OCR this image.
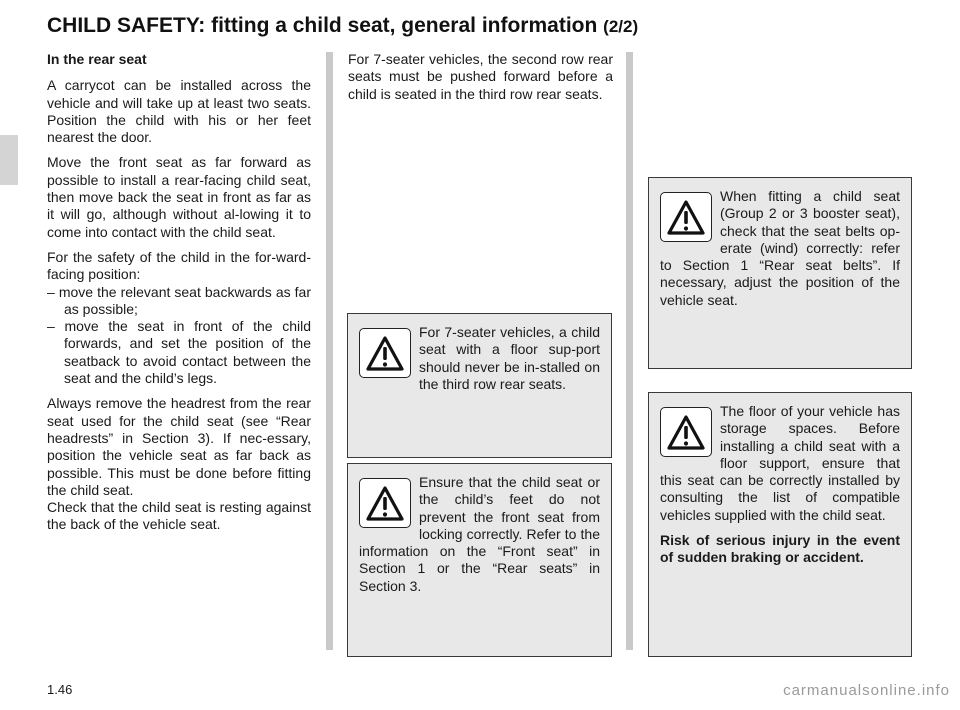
CHILD SAFETY: fitting a child seat, general information (2/2)

In the rear seat

A carrycot can be installed across the vehicle and will take up at least two seats. Position the child with his or her feet nearest the door.

Move the front seat as far forward as possible to install a rear-facing child seat, then move back the seat in front as far as it will go, although without al-lowing it to come into contact with the child seat.

For the safety of the child in the for-ward-facing position:

– move the relevant seat backwards as far as possible;
– move the seat in front of the child forwards, and set the position of the seatback to avoid contact between the seat and the child’s legs.

Always remove the headrest from the rear seat used for the child seat (see “Rear headrests” in Section 3). If nec-essary, position the vehicle seat as far back as possible. This must be done before fitting the child seat.

Check that the child seat is resting against the back of the vehicle seat.

For 7-seater vehicles, the second row rear seats must be pushed forward before a child is seated in the third row rear seats.

For 7-seater vehicles, a child seat with a floor sup-port should never be in-stalled on the third row rear seats.

Ensure that the child seat or the child’s feet do not prevent the front seat from locking correctly. Refer to the information on the “Front seat” in Section 1 or the “Rear seats” in Section 3.

When fitting a child seat (Group 2 or 3 booster seat), check that the seat belts op-erate (wind) correctly: refer to Section 1 “Rear seat belts”. If necessary, adjust the position of the vehicle seat.

The floor of your vehicle has storage spaces. Before installing a child seat with a floor support, ensure that this seat can be correctly installed by consulting the list of compatible vehicles supplied with the child seat.

Risk of serious injury in the event of sudden braking or accident.

1.46	carmanualsonline.info
